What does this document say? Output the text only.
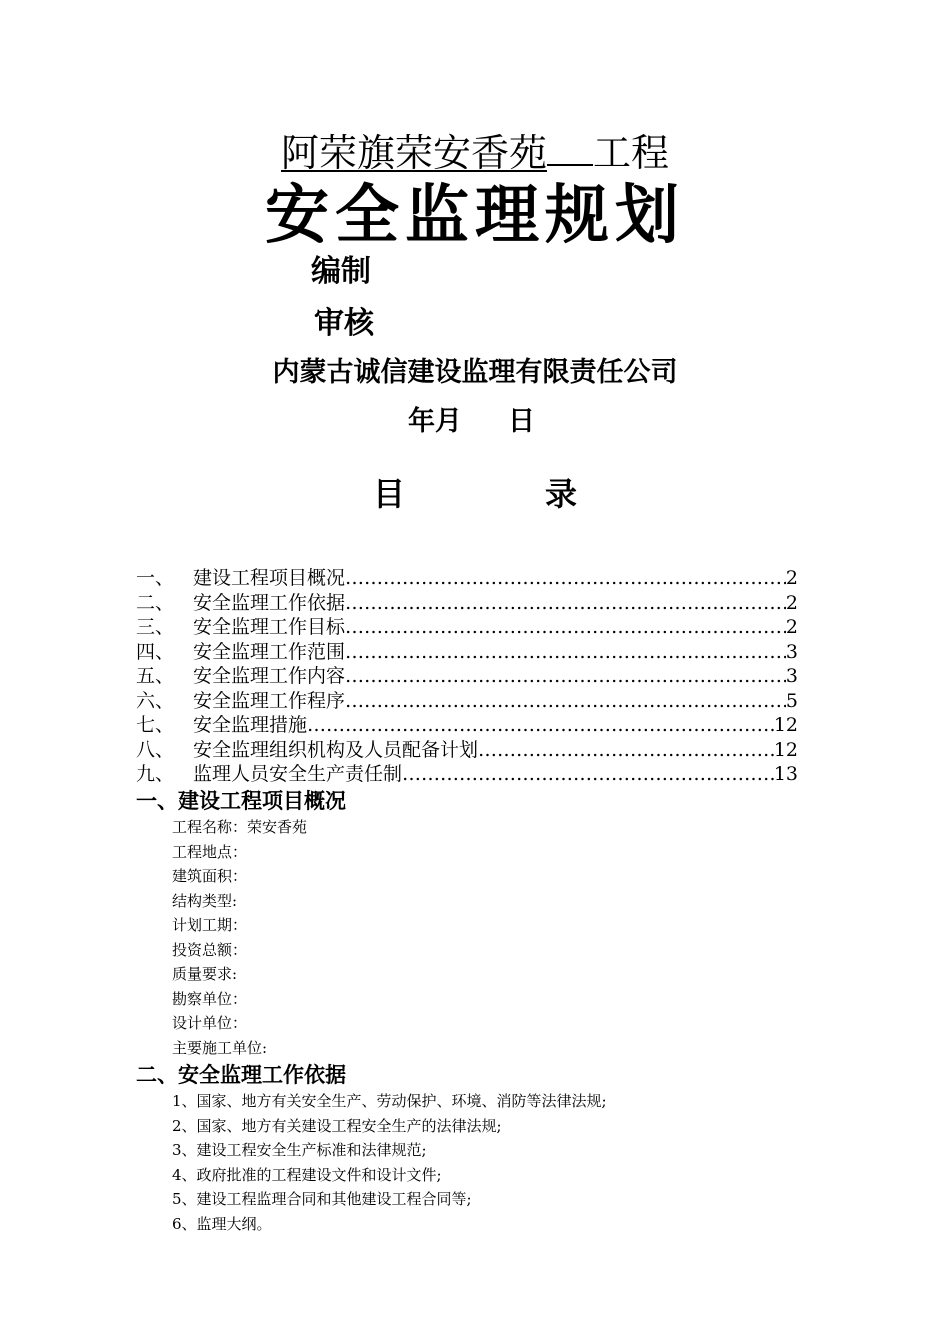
阿荣旗荣安香苑 工程
安全监理规划
编制
审核
内蒙古诚信建设监理有限责任公司
年月 日
目	录
一、 建设工程项目概况 …………………………………………………………………………………………………………………………………………	2
二、 安全监理工作依据 …………………………………………………………………………………………………………………………………………	2
三、 安全监理工作目标 …………………………………………………………………………………………………………………………………………	2
四、 安全监理工作范围 …………………………………………………………………………………………………………………………………………	3
五、 安全监理工作内容 …………………………………………………………………………………………………………………………………………	3
六、 安全监理工作程序 …………………………………………………………………………………………………………………………………………	5
七、 安全监理措施 …………………………………………………………………………………………………………………………………………	12
八、 安全监理组织机构及人员配备计划 …………………………………………………………………………………………………………………………………………	12
九、 监理人员安全生产责任制 …………………………………………………………………………………………………………………………………………	13
一、建设工程项目概况
工程名称：荣安香苑
工程地点：
建筑面积：
结构类型:
计划工期：
投资总额：
质量要求:
勘察单位：
设计单位：
主要施工单位:
二、安全监理工作依据
1、国家、地方有关安全生产、劳动保护、环境、消防等法律法规;
2、国家、地方有关建设工程安全生产的法律法规;
3、建设工程安全生产标准和法律规范;
4、政府批准的工程建设文件和设计文件;
5、建设工程监理合同和其他建设工程合同等;
6、监理大纲。
